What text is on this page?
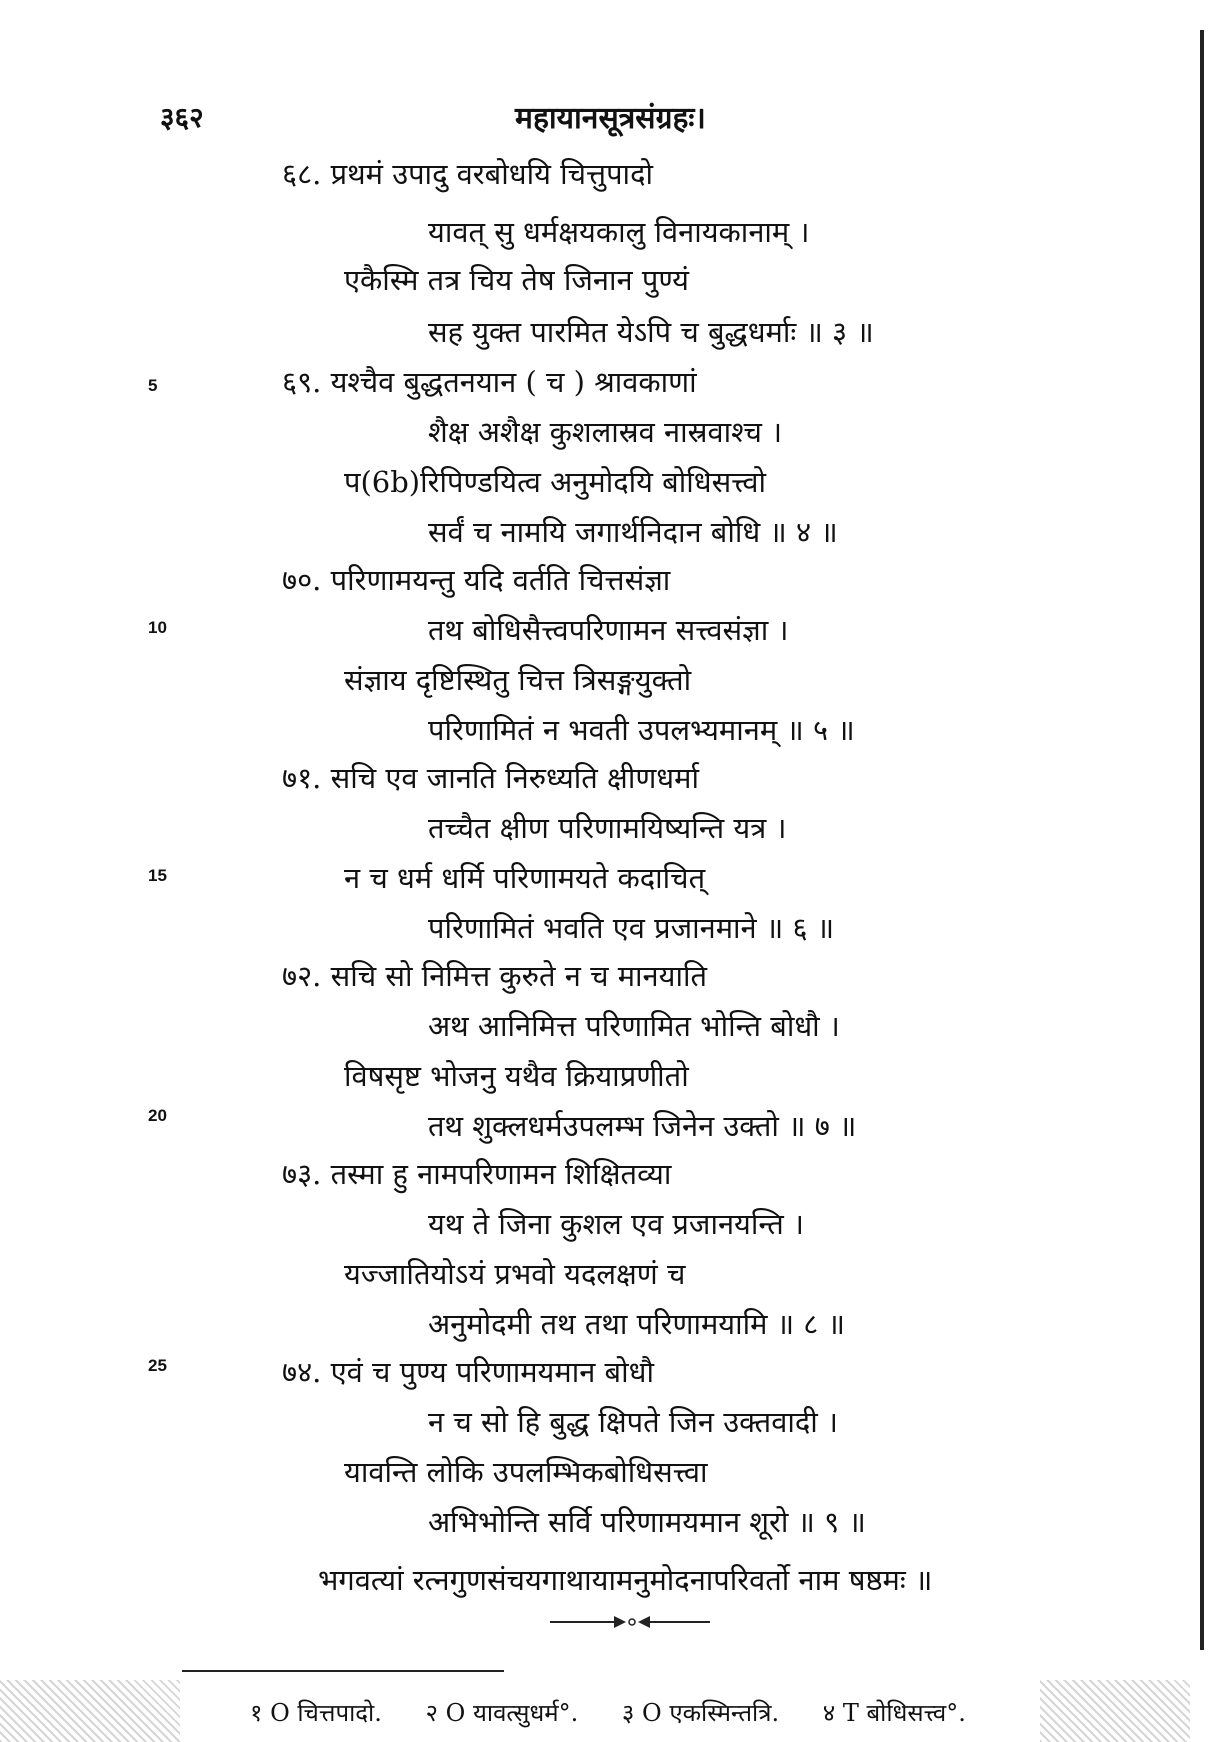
३६२	महायानसूत्रसंग्रहः।
६८. प्रथमं उपादु वरबोधयि चित्तुपादो
यावत् सु धर्मक्षयकालु विनायकानाम् ।
एकैस्मि तत्र चिय तेष जिनान पुण्यं
सह युक्त पारमित येऽपि च बुद्धधर्माः ॥ ३ ॥
६९. यश्चैव बुद्धतनयान ( च ) श्रावकाणां
शैक्ष अशैक्ष कुशलास्रव नास्रवाश्च ।
प(6b)रिपिण्डयित्व अनुमोदयि बोधिसत्त्वो
सर्वं च नामयि जगार्थनिदान बोधि ॥ ४ ॥
७०. परिणामयन्तु यदि वर्तति चित्तसंज्ञा
तथ बोधिसैत्त्वपरिणामन सत्त्वसंज्ञा ।
संज्ञाय दृष्टिस्थितु चित्त त्रिसङ्गयुक्तो
परिणामितं न भवती उपलभ्यमानम् ॥ ५ ॥
७१. सचि एव जानति निरुध्यति क्षीणधर्मा
तच्चैत क्षीण परिणामयिष्यन्ति यत्र ।
न च धर्म धर्मि परिणामयते कदाचित्
परिणामितं भवति एव प्रजानमाने ॥ ६ ॥
७२. सचि सो निमित्त कुरुते न च मानयाति
अथ आनिमित्त परिणामित भोन्ति बोधौ ।
विषसृष्ट भोजनु यथैव क्रियाप्रणीतो
तथ शुक्लधर्मउपलम्भ जिनेन उक्तो ॥ ७ ॥
७३. तस्मा हु नामपरिणामन शिक्षितव्या
यथ ते जिना कुशल एव प्रजानयन्ति ।
यज्जातियोऽयं प्रभवो यदलक्षणं च
अनुमोदमी तथ तथा परिणामयामि ॥ ८ ॥
७४. एवं च पुण्य परिणामयमान बोधौ
न च सो हि बुद्ध क्षिपते जिन उक्तवादी ।
यावन्ति लोकि उपलम्भिकबोधिसत्त्वा
अभिभोन्ति सर्वि परिणामयमान शूरो ॥ ९ ॥
5
10
15
20
25
भगवत्यां रत्नगुणसंचयगाथायामनुमोदनापरिवर्तो नाम षष्ठमः ॥
१ O चित्तपादो. २ O यावत्सुधर्म°. ३ O एकस्मिन्तत्रि. ४ T बोधिसत्त्व°.
